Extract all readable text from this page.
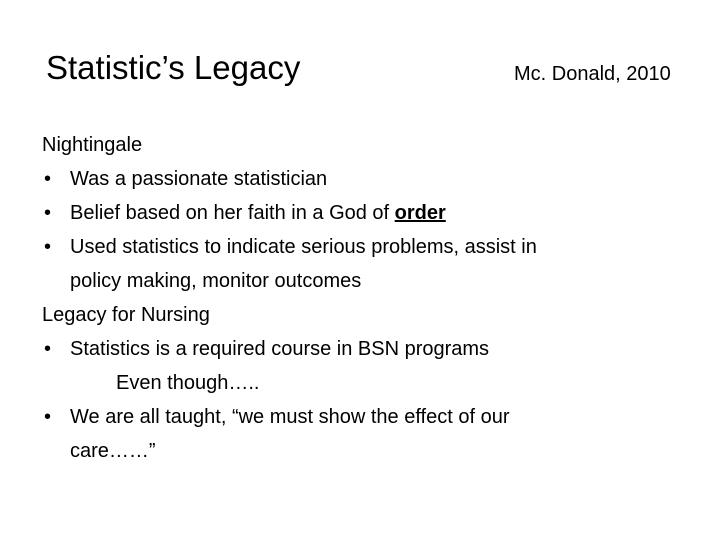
Statistic’s Legacy	Mc. Donald, 2010
Nightingale
• Was a passionate statistician
• Belief based on her faith in a God of order
• Used statistics to indicate serious problems, assist in
policy making, monitor outcomes
Legacy for Nursing
• Statistics is a required course in BSN programs
Even though…..
• We are all taught, “we must show the effect of our
care……”
